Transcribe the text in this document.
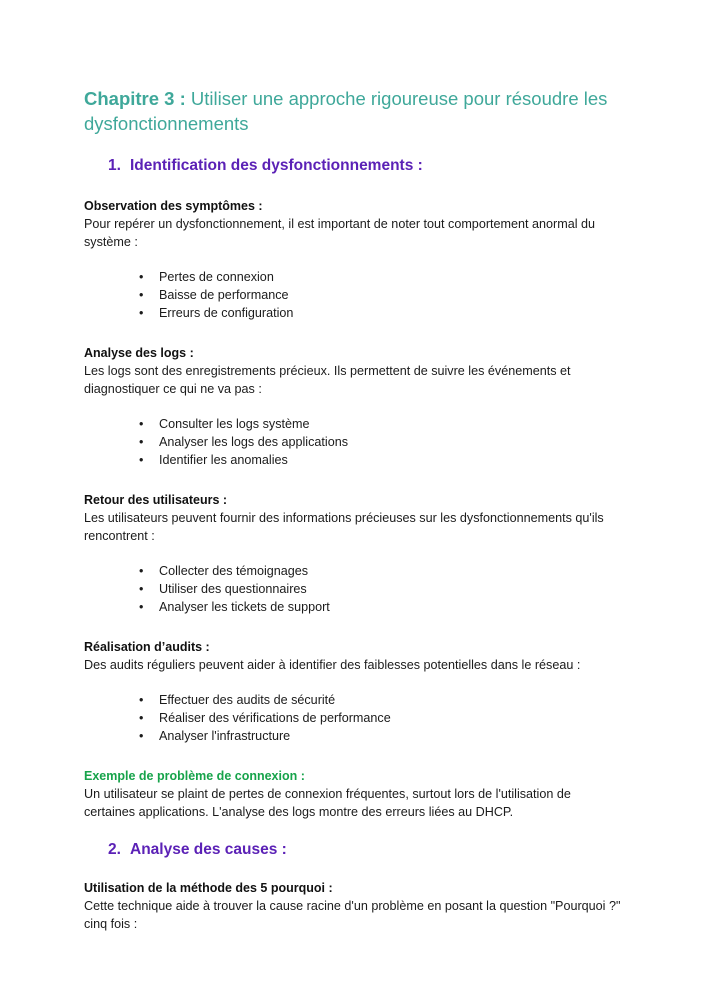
Chapitre 3 : Utiliser une approche rigoureuse pour résoudre les dysfonctionnements
1. Identification des dysfonctionnements :

Observation des symptômes :

Pour repérer un dysfonctionnement, il est important de noter tout comportement anormal du système :

• Pertes de connexion
• Baisse de performance
• Erreurs de configuration

Analyse des logs :

Les logs sont des enregistrements précieux. Ils permettent de suivre les événements et diagnostiquer ce qui ne va pas :

• Consulter les logs système
• Analyser les logs des applications
• Identifier les anomalies

Retour des utilisateurs :

Les utilisateurs peuvent fournir des informations précieuses sur les dysfonctionnements qu'ils rencontrent :

• Collecter des témoignages
• Utiliser des questionnaires
• Analyser les tickets de support

Réalisation d’audits :

Des audits réguliers peuvent aider à identifier des faiblesses potentielles dans le réseau :

• Effectuer des audits de sécurité
• Réaliser des vérifications de performance
• Analyser l'infrastructure

Exemple de problème de connexion :

Un utilisateur se plaint de pertes de connexion fréquentes, surtout lors de l'utilisation de certaines applications. L'analyse des logs montre des erreurs liées au DHCP.

2. Analyse des causes :

Utilisation de la méthode des 5 pourquoi :

Cette technique aide à trouver la cause racine d'un problème en posant la question "Pourquoi ?" cinq fois :
